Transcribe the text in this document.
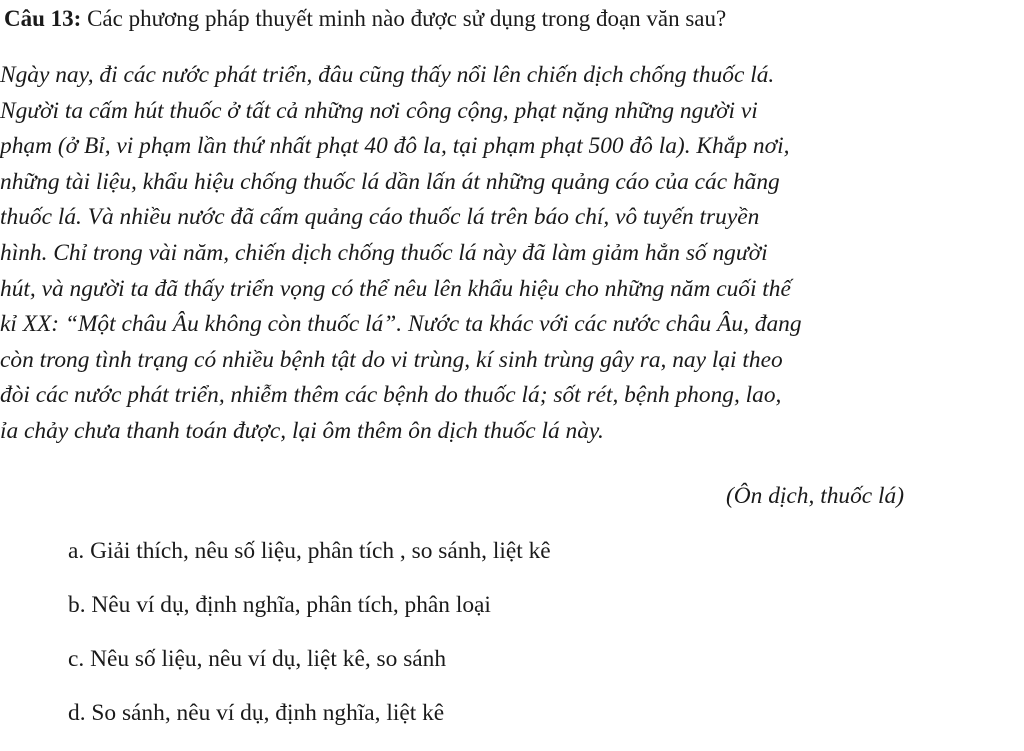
Câu 13: Các phương pháp thuyết minh nào được sử dụng trong đoạn văn sau?
Ngày nay, đi các nước phát triển, đâu cũng thấy nổi lên chiến dịch chống thuốc lá.
Người ta cấm hút thuốc ở tất cả những nơi công cộng, phạt nặng những người vi
phạm (ở Bỉ, vi phạm lần thứ nhất phạt 40 đô la, tại phạm phạt 500 đô la). Khắp nơi,
những tài liệu, khẩu hiệu chống thuốc lá dần lấn át những quảng cáo của các hãng
thuốc lá. Và nhiều nước đã cấm quảng cáo thuốc lá trên báo chí, vô tuyến truyền
hình. Chỉ trong vài năm, chiến dịch chống thuốc lá này đã làm giảm hẳn số người
hút, và người ta đã thấy triển vọng có thể nêu lên khẩu hiệu cho những năm cuối thế
kỉ XX: “Một châu Âu không còn thuốc lá”. Nước ta khác với các nước châu Âu, đang
còn trong tình trạng có nhiều bệnh tật do vi trùng, kí sinh trùng gây ra, nay lại theo
đòi các nước phát triển, nhiễm thêm các bệnh do thuốc lá; sốt rét, bệnh phong, lao,
ỉa chảy chưa thanh toán được, lại ôm thêm ôn dịch thuốc lá này.
(Ôn dịch, thuốc lá)
a. Giải thích, nêu số liệu, phân tích , so sánh, liệt kê
b. Nêu ví dụ, định nghĩa, phân tích, phân loại
c. Nêu số liệu, nêu ví dụ, liệt kê, so sánh
d. So sánh, nêu ví dụ, định nghĩa, liệt kê
